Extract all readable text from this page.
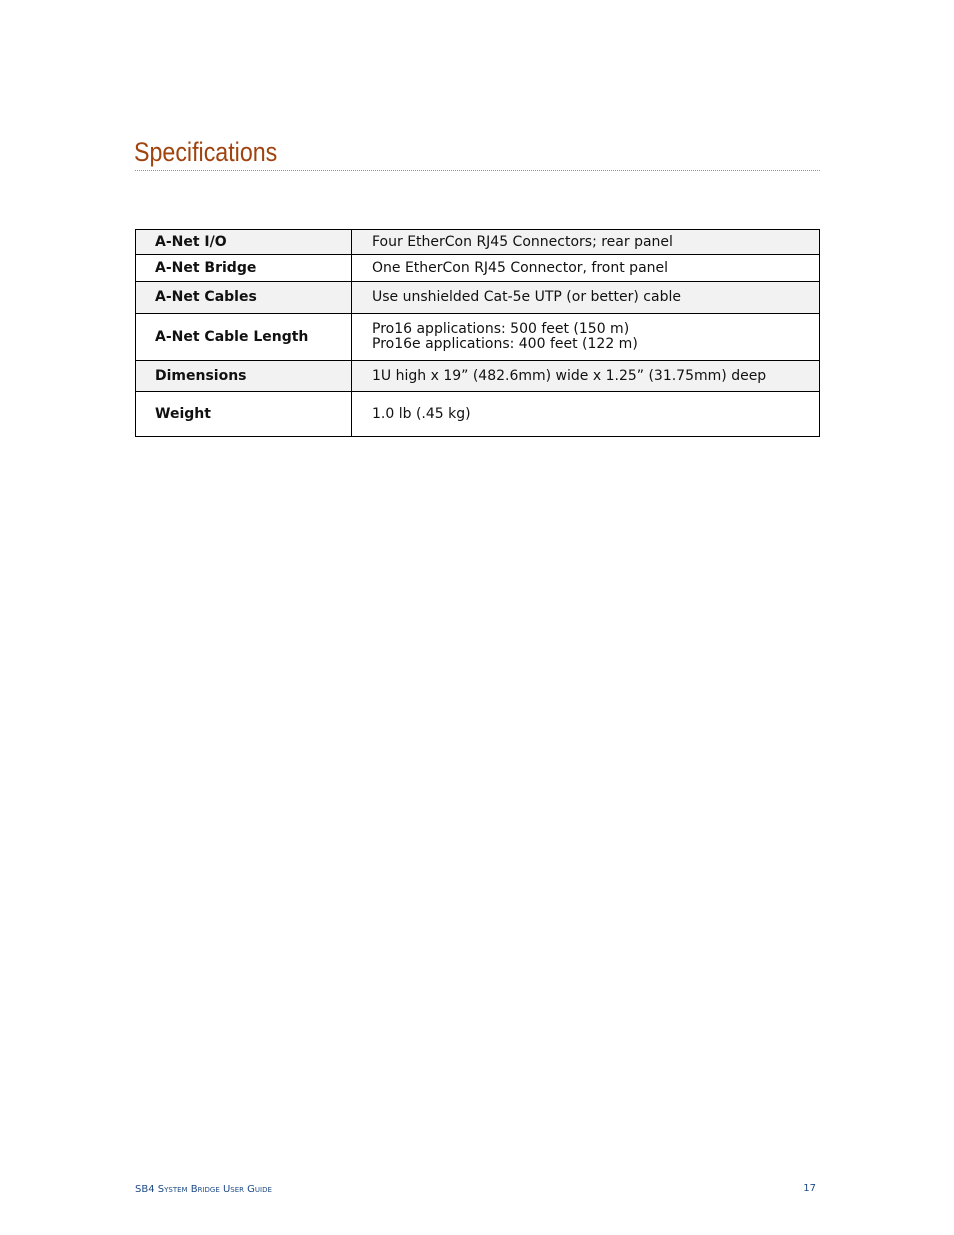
Specifications
A-Net I/O	Four EtherCon RJ45 Connectors; rear panel

A-Net Bridge	One EtherCon RJ45 Connector, front panel

A-Net Cables	Use unshielded Cat-5e UTP (or better) cable

A-Net Cable Length	Pro16 applications: 500 feet (150 m)
Pro16e applications: 400 feet (122 m)

Dimensions	1U high x 19” (482.6mm) wide x 1.25” (31.75mm) deep

Weight	1.0 lb (.45 kg)
SB4 System Bridge User Guide	17
